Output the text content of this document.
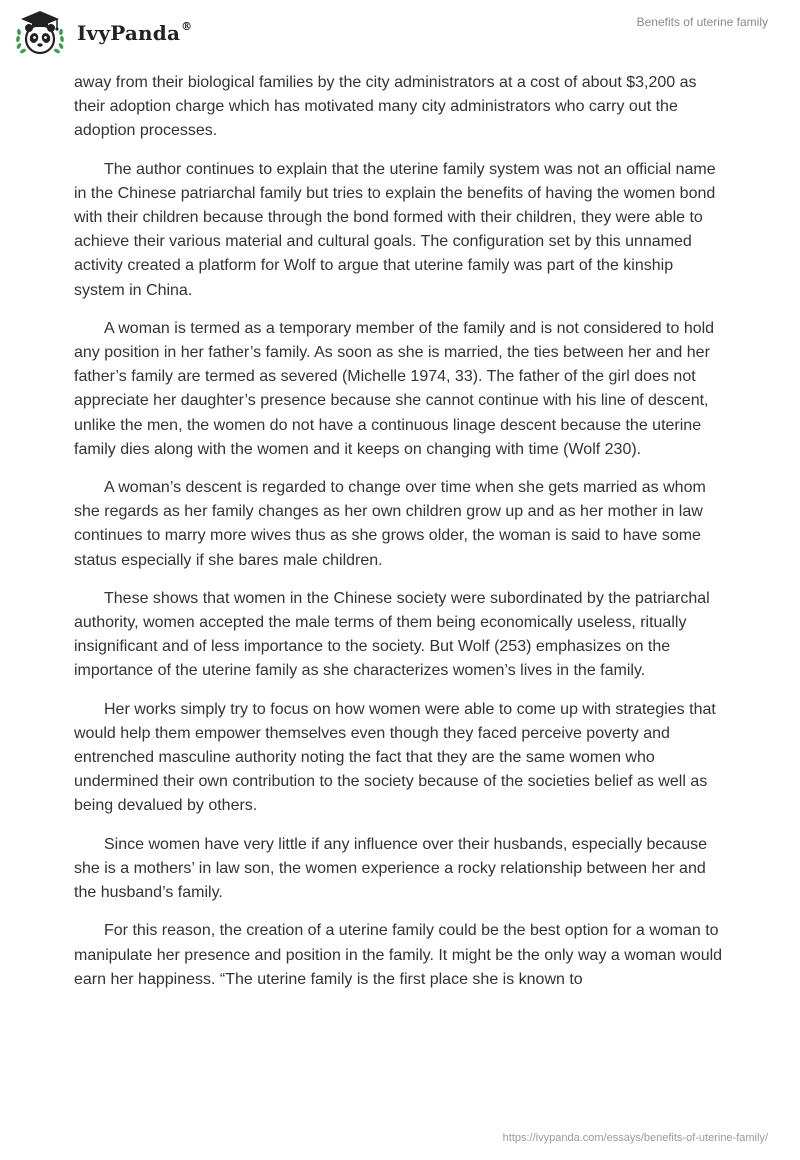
IvyPanda®	Benefits of uterine family

away from their biological families by the city administrators at a cost of about $3,200 as their adoption charge which has motivated many city administrators who carry out the adoption processes.

The author continues to explain that the uterine family system was not an official name in the Chinese patriarchal family but tries to explain the benefits of having the women bond with their children because through the bond formed with their children, they were able to achieve their various material and cultural goals. The configuration set by this unnamed activity created a platform for Wolf to argue that uterine family was part of the kinship system in China.

A woman is termed as a temporary member of the family and is not considered to hold any position in her father’s family. As soon as she is married, the ties between her and her father’s family are termed as severed (Michelle 1974, 33). The father of the girl does not appreciate her daughter’s presence because she cannot continue with his line of descent, unlike the men, the women do not have a continuous linage descent because the uterine family dies along with the women and it keeps on changing with time (Wolf 230).

A woman’s descent is regarded to change over time when she gets married as whom she regards as her family changes as her own children grow up and as her mother in law continues to marry more wives thus as she grows older, the woman is said to have some status especially if she bares male children.

These shows that women in the Chinese society were subordinated by the patriarchal authority, women accepted the male terms of them being economically useless, ritually insignificant and of less importance to the society. But Wolf (253) emphasizes on the importance of the uterine family as she characterizes women’s lives in the family.

Her works simply try to focus on how women were able to come up with strategies that would help them empower themselves even though they faced perceive poverty and entrenched masculine authority noting the fact that they are the same women who undermined their own contribution to the society because of the societies belief as well as being devalued by others.

Since women have very little if any influence over their husbands, especially because she is a mothers’ in law son, the women experience a rocky relationship between her and the husband’s family.

For this reason, the creation of a uterine family could be the best option for a woman to manipulate her presence and position in the family. It might be the only way a woman would earn her happiness. “The uterine family is the first place she is known to

https://ivypanda.com/essays/benefits-of-uterine-family/
